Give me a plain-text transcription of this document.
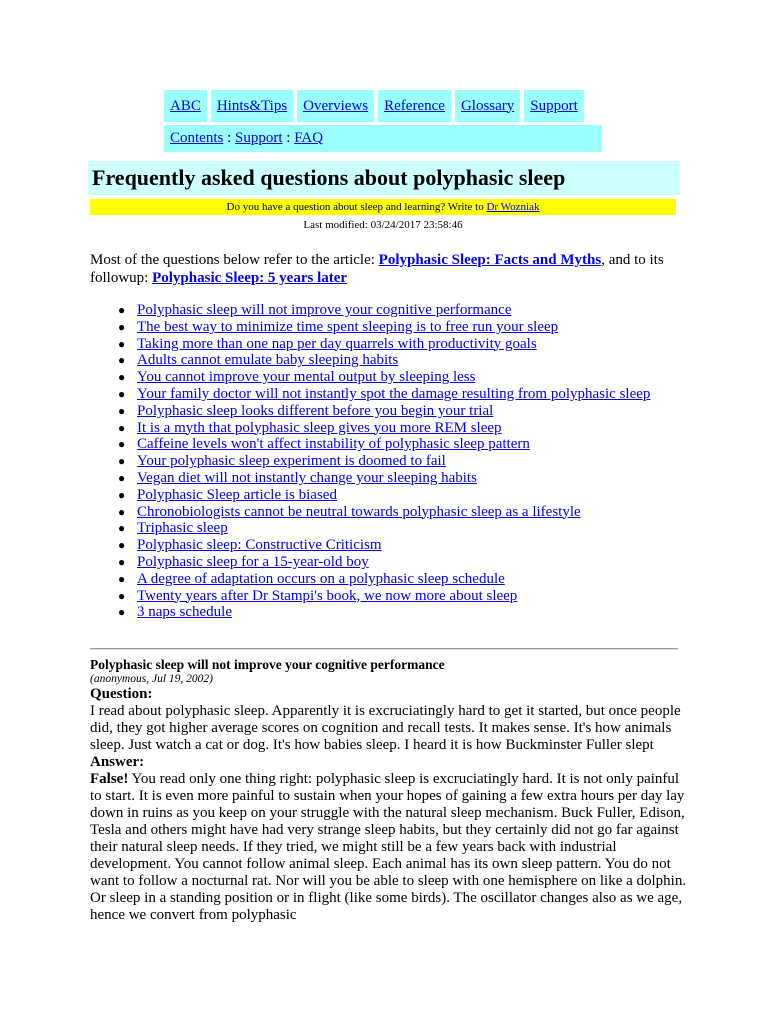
ABC Hints&Tips Overviews Reference Glossary Support
Contents : Support : FAQ
Frequently asked questions about polyphasic sleep
Do you have a question about sleep and learning? Write to Dr Wozniak
Last modified: 03/24/2017 23:58:46
Most of the questions below refer to the article: Polyphasic Sleep: Facts and Myths, and to its followup: Polyphasic Sleep: 5 years later
● Polyphasic sleep will not improve your cognitive performance
● The best way to minimize time spent sleeping is to free run your sleep
● Taking more than one nap per day quarrels with productivity goals
● Adults cannot emulate baby sleeping habits
● You cannot improve your mental output by sleeping less
● Your family doctor will not instantly spot the damage resulting from polyphasic sleep
● Polyphasic sleep looks different before you begin your trial
● It is a myth that polyphasic sleep gives you more REM sleep
● Caffeine levels won't affect instability of polyphasic sleep pattern
● Your polyphasic sleep experiment is doomed to fail
● Vegan diet will not instantly change your sleeping habits
● Polyphasic Sleep article is biased
● Chronobiologists cannot be neutral towards polyphasic sleep as a lifestyle
● Triphasic sleep
● Polyphasic sleep: Constructive Criticism
● Polyphasic sleep for a 15-year-old boy
● A degree of adaptation occurs on a polyphasic sleep schedule
● Twenty years after Dr Stampi's book, we now more about sleep
● 3 naps schedule
Polyphasic sleep will not improve your cognitive performance
(anonymous, Jul 19, 2002)
Question:
I read about polyphasic sleep. Apparently it is excruciatingly hard to get it started, but once people did, they got higher average scores on cognition and recall tests. It makes sense. It's how animals sleep. Just watch a cat or dog. It's how babies sleep. I heard it is how Buckminster Fuller slept
Answer:
False! You read only one thing right: polyphasic sleep is excruciatingly hard. It is not only painful to start. It is even more painful to sustain when your hopes of gaining a few extra hours per day lay down in ruins as you keep on your struggle with the natural sleep mechanism. Buck Fuller, Edison, Tesla and others might have had very strange sleep habits, but they certainly did not go far against their natural sleep needs. If they tried, we might still be a few years back with industrial development. You cannot follow animal sleep. Each animal has its own sleep pattern. You do not want to follow a nocturnal rat. Nor will you be able to sleep with one hemisphere on like a dolphin. Or sleep in a standing position or in flight (like some birds). The oscillator changes also as we age, hence we convert from polyphasic
